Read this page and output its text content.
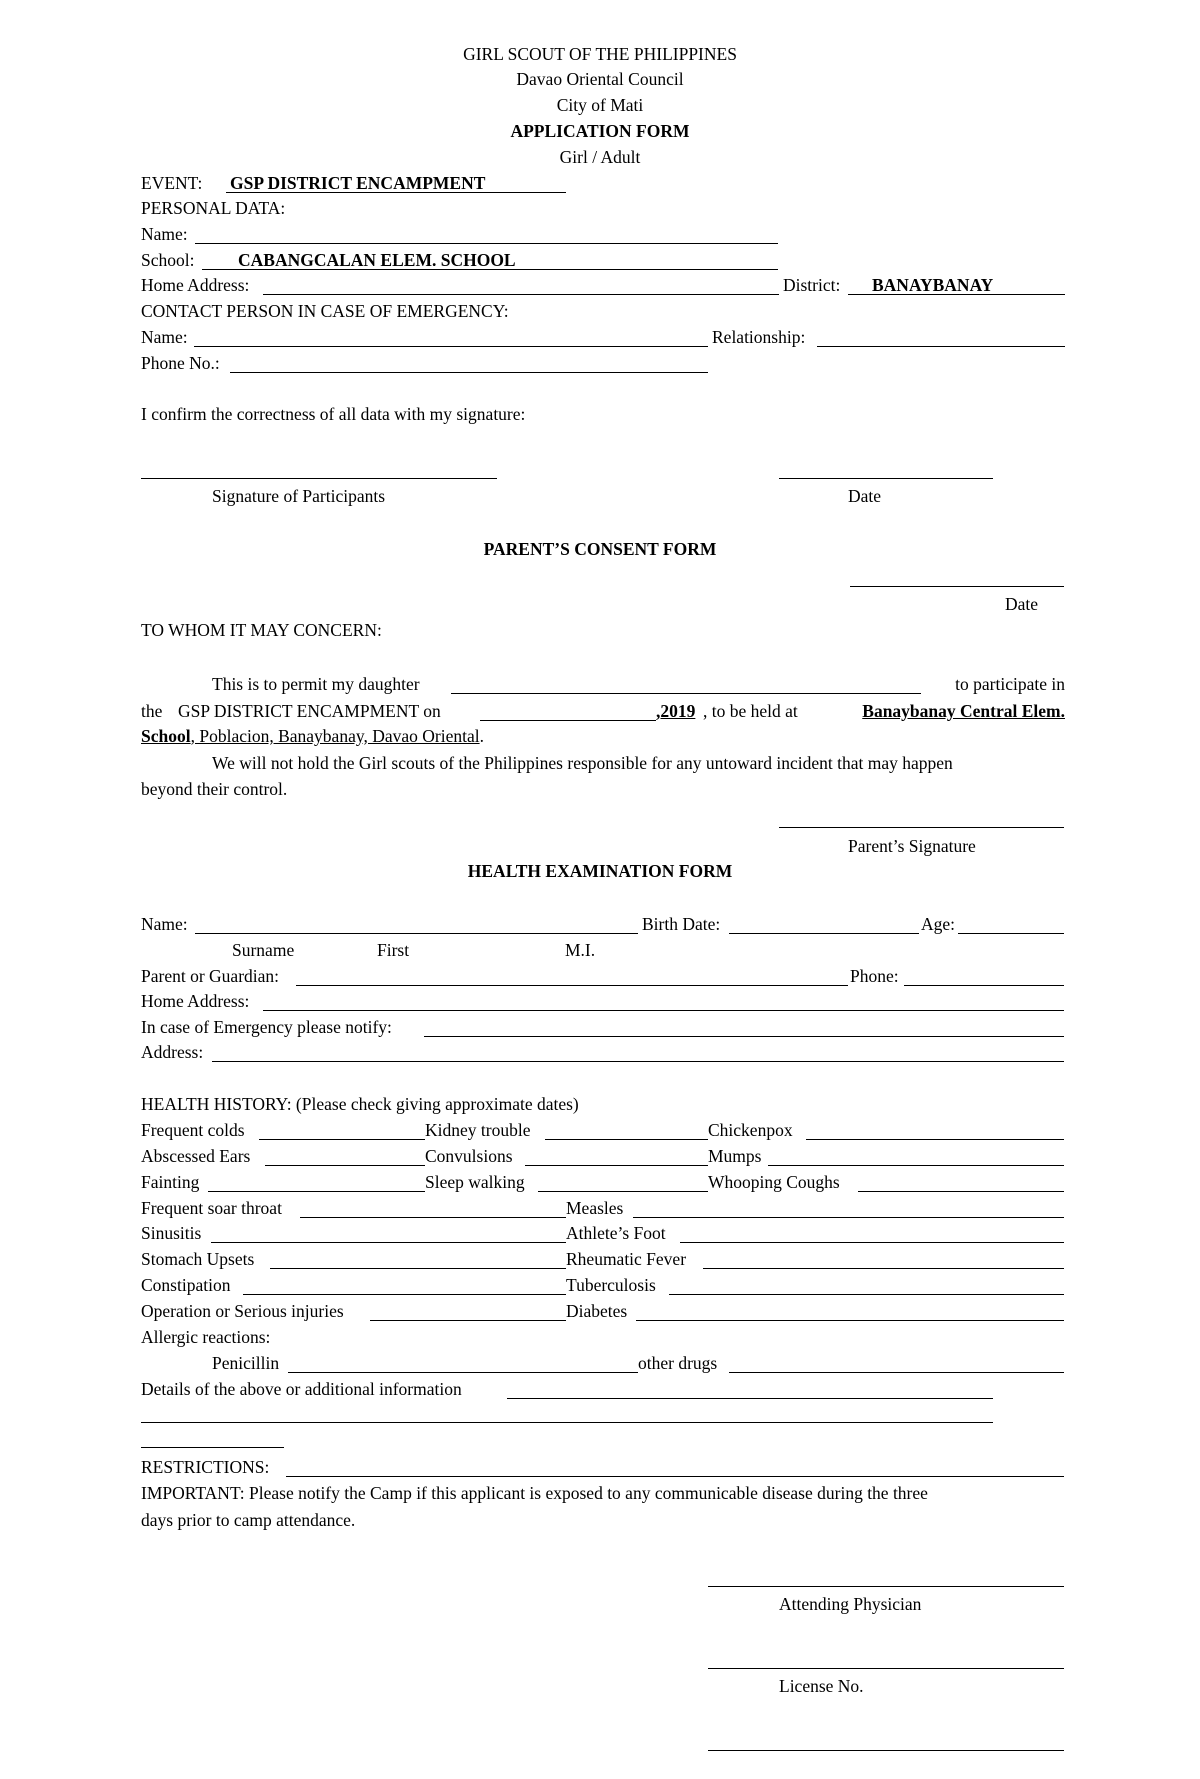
GIRL SCOUT OF THE PHILIPPINES
Davao Oriental Council
City of Mati
APPLICATION FORM
Girl / Adult
EVENT: GSP DISTRICT ENCAMPMENT
PERSONAL DATA:
Name:
School: CABANGCALAN ELEM. SCHOOL
Home Address:	District: BANAYBANAY
CONTACT PERSON IN CASE OF EMERGENCY:
Name:	Relationship:
Phone No.:
I confirm the correctness of all data with my signature:
Signature of Participants	Date
PARENT’S CONSENT FORM
Date
TO WHOM IT MAY CONCERN:
This is to permit my daughter	to participate in
the GSP DISTRICT ENCAMPMENT on	,2019 , to be held at	Banaybanay Central Elem.
School, Poblacion, Banaybanay, Davao Oriental.
We will not hold the Girl scouts of the Philippines responsible for any untoward incident that may happen
beyond their control.
Parent’s Signature
HEALTH EXAMINATION FORM
Name:	Birth Date:	Age:
Surname	First	M.I.
Parent or Guardian:	Phone:
Home Address:
In case of Emergency please notify:
Address:
HEALTH HISTORY: (Please check giving approximate dates)
Frequent colds	Kidney trouble	Chickenpox
Abscessed Ears	Convulsions	Mumps
Fainting	Sleep walking	Whooping Coughs
Frequent soar throat	Measles
Sinusitis	Athlete’s Foot
Stomach Upsets	Rheumatic Fever
Constipation	Tuberculosis
Operation or Serious injuries	Diabetes
Allergic reactions:
Penicillin	other drugs
Details of the above or additional information
RESTRICTIONS:
IMPORTANT: Please notify the Camp if this applicant is exposed to any communicable disease during the three
days prior to camp attendance.
Attending Physician
License No.
